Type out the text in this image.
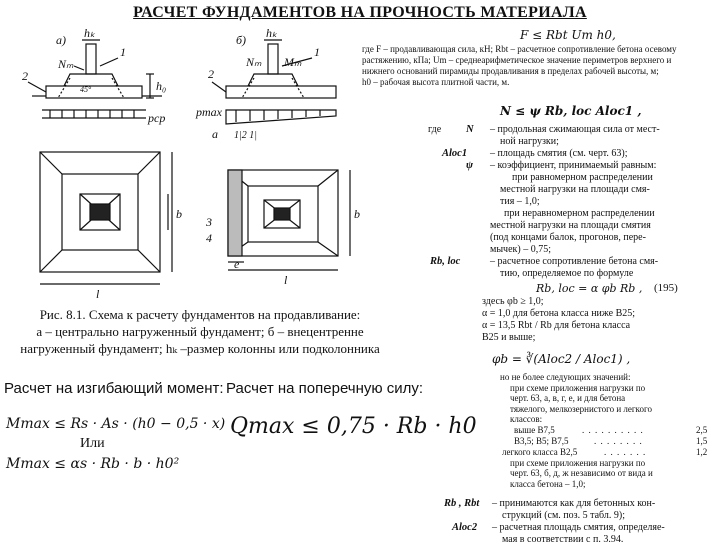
РАСЧЕТ ФУНДАМЕНТОВ НА ПРОЧНОСТЬ МАТЕРИАЛА
а)	б)
hₖ	hₖ
Nₘ	Nₘ Mₘ
1	1
2	2
45°	h₀
pср	pmax
a 1|2 1|
3
4
l
l
b	b
e
Рис. 8.1. Схема к расчету фундаментов на продавливание:
а – центрально нагруженный фундамент; б – внецентренне
нагруженный фундамент; hₖ –размер колонны или подколонника
Расчет на изгибающий момент:
Mmax ≤ Rs · As · (h0 − 0,5 · x)
Или
Mmax ≤ αs · Rb · b · h0²
Расчет на поперечную силу:
Qmax ≤ 0,75 · Rb · h0
F ≤ Rbt Um h0,
где F – продавливающая сила, кН; Rbt – расчетное сопротивление бетона осевому
растяжению, кПа; Um – среднеарифметическое значение периметров верхнего и
нижнего оснований пирамиды продавливания в пределах рабочей высоты, м;
h0 – рабочая высота плитной части, м.
N ≤ ψ Rb, loc Aloc1 ,
где N – продольная сжимающая сила от мест-
ной нагрузки;
Aloc1 – площадь смятия (см. черт. 63);
ψ – коэффициент, принимаемый равным:
при равномерном распределении
местной нагрузки на площади смя-
тия – 1,0;
при неравномерном распределении
местной нагрузки на площади смятия
(под концами балок, прогонов, пере-
мычек) – 0,75;
Rb, loc	– расчетное сопротивление бетона смя-
тию, определяемое по формуле
Rb, loc = α φb Rb , (195)
здесь φb ≥ 1,0;
α = 1,0 для бетона класса ниже В25;
α = 13,5 Rbt / Rb для бетона класса
В25 и выше;
φb = ∛(Aloc2 / Aloc1) ,
но не более следующих значений:
при схеме приложения нагрузки по
черт. 63, а, в, г, е, и для бетона
тяжелого, мелкозернистого и легкого
классов:
выше В7,5	. . . . . . . . . .	2,5
В3,5; В5; В7,5	. . . . . . . .	1,5
легкого класса В2,5	. . . . . . .	1,2
при схеме приложения нагрузки по
черт. 63, б, д, ж независимо от вида и
класса бетона – 1,0;
Rb , Rbt – принимаются как для бетонных кон-
струкций (см. поз. 5 табл. 9);
Aloc2 – расчетная площадь смятия, определяе-
мая в соответствии с п. 3.94.
